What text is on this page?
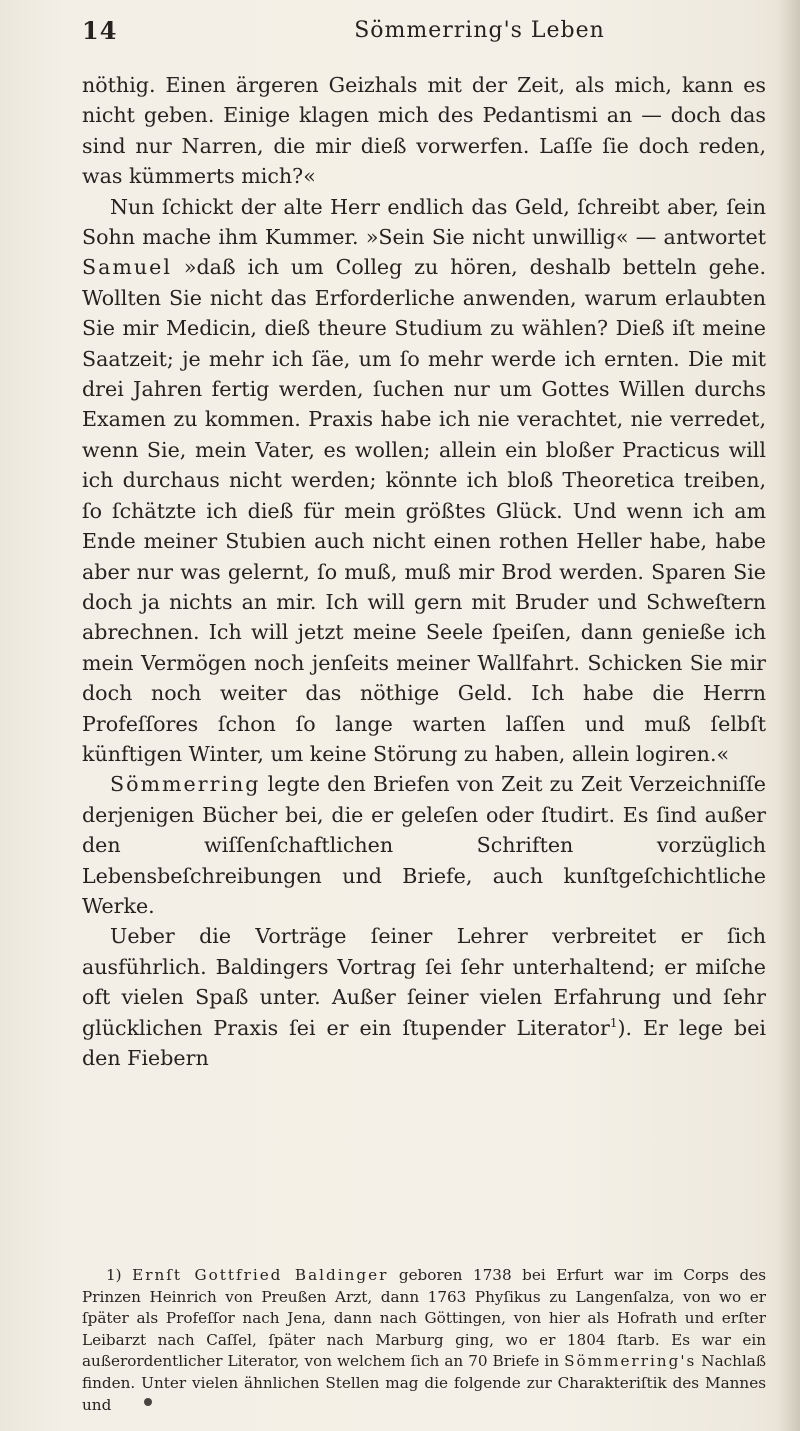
14	Sömmerring's Leben

nöthig. Einen ärgeren Geizhals mit der Zeit, als mich, kann es nicht geben. Einige klagen mich des Pedantismi an — doch das sind nur Narren, die mir dieß vorwerfen. Laſſe ſie doch reden, was kümmerts mich?«

Nun ſchickt der alte Herr endlich das Geld, ſchreibt aber, ſein Sohn mache ihm Kummer. »Sein Sie nicht unwillig« — antwortet Samuel »daß ich um Colleg zu hören, deshalb betteln gehe. Wollten Sie nicht das Erforderliche anwenden, warum erlaubten Sie mir Medicin, dieß theure Studium zu wählen? Dieß iſt meine Saatzeit; je mehr ich ſäe, um ſo mehr werde ich ernten. Die mit drei Jahren fertig werden, ſuchen nur um Gottes Willen durchs Examen zu kommen. Praxis habe ich nie verachtet, nie verredet, wenn Sie, mein Vater, es wollen; allein ein bloßer Practicus will ich durchaus nicht werden; könnte ich bloß Theoretica treiben, ſo ſchätzte ich dieß für mein größtes Glück. Und wenn ich am Ende meiner Stubien auch nicht einen rothen Heller habe, habe aber nur was gelernt, ſo muß, muß mir Brod werden. Sparen Sie doch ja nichts an mir. Ich will gern mit Bruder und Schweſtern abrechnen. Ich will jetzt meine Seele ſpeiſen, dann genieße ich mein Vermögen noch jenſeits meiner Wallfahrt. Schicken Sie mir doch noch weiter das nöthige Geld. Ich habe die Herrn Profeſſores ſchon ſo lange warten laſſen und muß ſelbſt künftigen Winter, um keine Störung zu haben, allein logiren.«

Sömmerring legte den Briefen von Zeit zu Zeit Verzeichniſſe derjenigen Bücher bei, die er geleſen oder ſtudirt. Es ſind außer den wiſſenſchaftlichen Schriften vorzüglich Lebensbeſchreibungen und Briefe, auch kunſtgeſchichtliche Werke.

Ueber die Vorträge ſeiner Lehrer verbreitet er ſich ausführlich. Baldingers Vortrag ſei ſehr unterhaltend; er miſche oft vielen Spaß unter. Außer ſeiner vielen Erfahrung und ſehr glücklichen Praxis ſei er ein ſtupender Literator$^1$). Er lege bei den Fiebern

1) Ernſt Gottfried Baldinger geboren 1738 bei Erfurt war im Corps des Prinzen Heinrich von Preußen Arzt, dann 1763 Phyſikus zu Langenſalza, von wo er ſpäter als Profeſſor nach Jena, dann nach Göttingen, von hier als Hofrath und erſter Leibarzt nach Caſſel, ſpäter nach Marburg ging, wo er 1804 ſtarb. Es war ein außerordentlicher Literator, von welchem ſich an 70 Briefe in Sömmerring's Nachlaß finden. Unter vielen ähnlichen Stellen mag die folgende zur Charakteriſtik des Mannes und
